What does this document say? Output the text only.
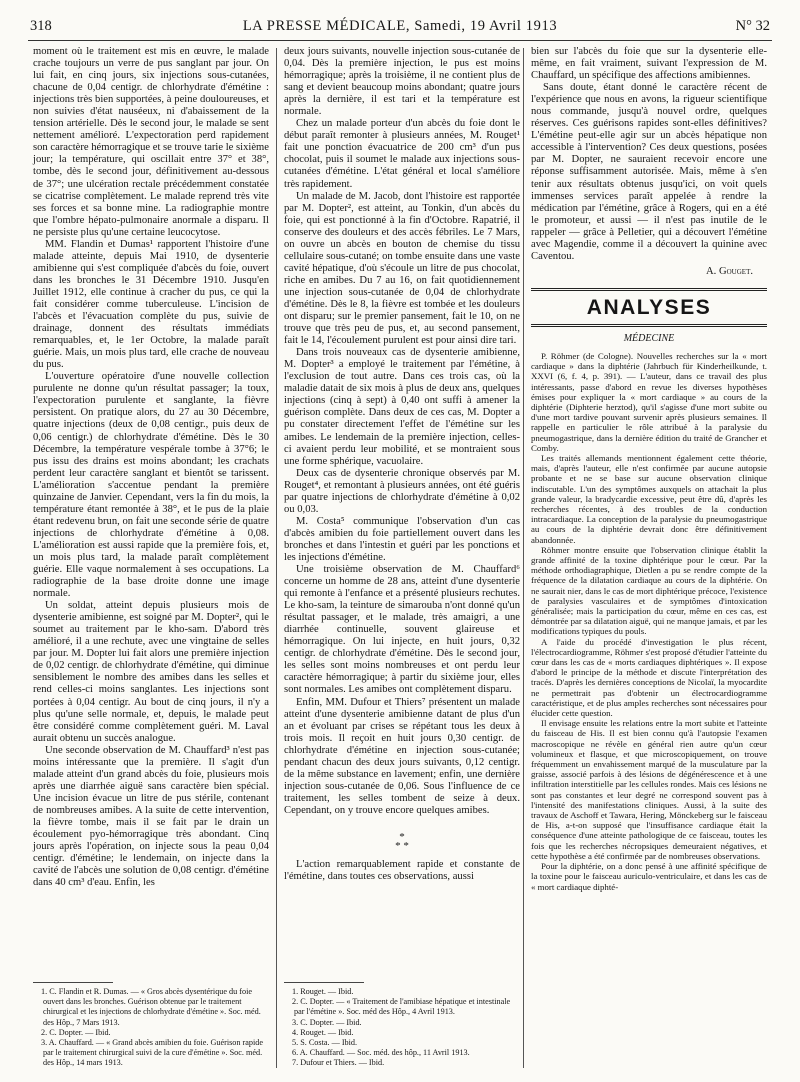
318	LA PRESSE MÉDICALE, Samedi, 19 Avril 1913	N° 32

moment où le traitement est mis en œuvre, le malade crache toujours un verre de pus sanglant par jour. On lui fait, en cinq jours, six injections sous-cutanées, chacune de 0,04 centigr. de chlorhydrate d'émétine : injections très bien supportées, à peine douloureuses, et non suivies d'état nauséeux, ni d'abaissement de la tension artérielle. Dès le second jour, le malade se sent nettement amélioré. L'expectoration perd rapidement son caractère hémorragique et se trouve tarie le sixième jour; la température, qui oscillait entre 37° et 38°, tombe, dès le second jour, définitivement au-dessous de 37°; une ulcération rectale précédemment constatée se cicatrise complètement. Le malade reprend très vite ses forces et sa bonne mine. La radiographie montre que l'ombre hépato-pulmonaire anormale a disparu. Il ne persiste plus qu'une certaine leucocytose.

MM. Flandin et Dumas¹ rapportent l'histoire d'une malade atteinte, depuis Mai 1910, de dysenterie amibienne qui s'est compliquée d'abcès du foie, ouvert dans les bronches le 31 Décembre 1910. Jusqu'en Juillet 1912, elle continue à cracher du pus, ce qui la fait considérer comme tuberculeuse. L'incision de l'abcès et l'évacuation complète du pus, suivie de drainage, donnent des résultats immédiats remarquables, et, le 1er Octobre, la malade paraît guérie. Mais, un mois plus tard, elle crache de nouveau du pus.

L'ouverture opératoire d'une nouvelle collection purulente ne donne qu'un résultat passager; la toux, l'expectoration purulente et sanglante, la fièvre persistent. On pratique alors, du 27 au 30 Décembre, quatre injections (deux de 0,08 centigr., puis deux de 0,06 centigr.) de chlorhydrate d'émétine. Dès le 30 Décembre, la température vespérale tombe à 37°6; le pus issu des drains est moins abondant; les crachats perdent leur caractère sanglant et bientôt se tarissent. L'amélioration s'accentue pendant la première quinzaine de Janvier. Cependant, vers la fin du mois, la température étant remontée à 38°, et le pus de la plaie étant redevenu brun, on fait une seconde série de quatre injections de chlorhydrate d'émétine à 0,08. L'amélioration est aussi rapide que la première fois, et, un mois plus tard, la malade paraît complètement guérie. Elle vaque normalement à ses occupations. La radiographie de la base droite donne une image normale.

Un soldat, atteint depuis plusieurs mois de dysenterie amibienne, est soigné par M. Dopter², qui le soumet au traitement par le kho-sam. D'abord très amélioré, il a une rechute, avec une vingtaine de selles par jour. M. Dopter lui fait alors une première injection de 0,02 centigr. de chlorhydrate d'émétine, qui diminue sensiblement le nombre des amibes dans les selles et rend celles-ci moins sanglantes. Les injections sont portées à 0,04 centigr. Au bout de cinq jours, il n'y a plus qu'une selle normale, et, depuis, le malade peut être considéré comme complètement guéri. M. Laval aurait obtenu un succès analogue.

Une seconde observation de M. Chauffard³ n'est pas moins intéressante que la première. Il s'agit d'un malade atteint d'un grand abcès du foie, plusieurs mois après une diarrhée aiguë sans caractère bien spécial. Une incision évacue un litre de pus stérile, contenant de nombreuses amibes. A la suite de cette intervention, la fièvre tombe, mais il se fait par le drain un écoulement pyo-hémorragique très abondant. Cinq jours après l'opération, on injecte sous la peau 0,04 centigr. d'émétine; le lendemain, on injecte dans la cavité de l'abcès une solution de 0,08 centigr. d'émétine dans 40 cm³ d'eau. Enfin, les

deux jours suivants, nouvelle injection sous-cutanée de 0,04. Dès la première injection, le pus est moins hémorragique; après la troisième, il ne contient plus de sang et devient beaucoup moins abondant; quatre jours après la dernière, il est tari et la température est normale.

Chez un malade porteur d'un abcès du foie dont le début paraît remonter à plusieurs années, M. Rouget¹ fait une ponction évacuatrice de 200 cm³ d'un pus chocolat, puis il soumet le malade aux injections sous-cutanées d'émétine. L'état général et local s'améliore très rapidement.

Un malade de M. Jacob, dont l'histoire est rapportée par M. Dopter², est atteint, au Tonkin, d'un abcès du foie, qui est ponctionné à la fin d'Octobre. Rapatrié, il conserve des douleurs et des accès fébriles. Le 7 Mars, on ouvre un abcès en bouton de chemise du tissu cellulaire sous-cutané; on tombe ensuite dans une vaste cavité hépatique, d'où s'écoule un litre de pus chocolat, riche en amibes. Du 7 au 16, on fait quotidiennement une injection sous-cutanée de 0,04 de chlorhydrate d'émétine. Dès le 8, la fièvre est tombée et les douleurs ont disparu; sur le premier pansement, fait le 10, on ne trouve que très peu de pus, et, au second pansement, fait le 14, l'écoulement purulent est pour ainsi dire tari.

Dans trois nouveaux cas de dysenterie amibienne, M. Dopter³ a employé le traitement par l'émétine, à l'exclusion de tout autre. Dans ces trois cas, où la maladie datait de six mois à plus de deux ans, quelques injections (cinq à sept) à 0,40 ont suffi à amener la guérison complète. Dans deux de ces cas, M. Dopter a pu constater directement l'effet de l'émétine sur les amibes. Le lendemain de la première injection, celles-ci avaient perdu leur mobilité, et se montraient sous une forme sphérique, vacuolaire.

Deux cas de dysenterie chronique observés par M. Rouget⁴, et remontant à plusieurs années, ont été guéris par quatre injections de chlorhydrate d'émétine à 0,02 ou 0,03.

M. Costa⁵ communique l'observation d'un cas d'abcès amibien du foie partiellement ouvert dans les bronches et dans l'intestin et guéri par les ponctions et les injections d'émétine.

Une troisième observation de M. Chauffard⁶ concerne un homme de 28 ans, atteint d'une dysenterie qui remonte à l'enfance et a présenté plusieurs rechutes. Le kho-sam, la teinture de simarouba n'ont donné qu'un résultat passager, et le malade, très amaigri, a une diarrhée continuelle, souvent glaireuse et hémorragique. On lui injecte, en huit jours, 0,32 centigr. de chlorhydrate d'émétine. Dès le second jour, les selles sont moins nombreuses et ont perdu leur caractère hémorragique; à partir du sixième jour, elles sont normales. Les amibes ont complètement disparu.

Enfin, MM. Dufour et Thiers⁷ présentent un malade atteint d'une dysenterie amibienne datant de plus d'un an et évoluant par crises se répétant tous les deux à trois mois. Il reçoit en huit jours 0,30 centigr. de chlorhydrate d'émétine en injection sous-cutanée; pendant chacun des deux jours suivants, 0,12 centigr. de la même substance en lavement; enfin, une dernière injection sous-cutanée de 0,06. Sous l'influence de ce traitement, les selles tombent de seize à deux. Cependant, on y trouve encore quelques amibes.

*
* *

L'action remarquablement rapide et constante de l'émétine, dans toutes ces observations, aussi

bien sur l'abcès du foie que sur la dysenterie elle-même, en fait vraiment, suivant l'expression de M. Chauffard, un spécifique des affections amibiennes.

Sans doute, étant donné le caractère récent de l'expérience que nous en avons, la rigueur scientifique nous commande, jusqu'à nouvel ordre, quelques réserves. Ces guérisons rapides sont-elles définitives? L'émétine peut-elle agir sur un abcès hépatique non accessible à l'intervention? Ces deux questions, posées par M. Dopter, ne sauraient recevoir encore une réponse suffisamment autorisée. Mais, même à s'en tenir aux résultats obtenus jusqu'ici, on voit quels immenses services paraît appelée à rendre la médication par l'émétine, grâce à Rogers, qui en a été le promoteur, et aussi — il n'est pas inutile de le rappeler — grâce à Pelletier, qui a découvert l'émétine avec Magendie, comme il a découvert la quinine avec Caventou.

A. Gouget.

ANALYSES
MÉDECINE

P. Röhmer (de Cologne). Nouvelles recherches sur la « mort cardiaque » dans la diphtérie (Jahrbuch für Kinderheilkunde, t. XXVI (6, f. 4, p. 391). — L'auteur, dans ce travail des plus intéressants, passe d'abord en revue les diverses hypothèses émises pour expliquer la « mort cardiaque » au cours de la diphtérie (Diphterie herztod), qu'il s'agisse d'une mort subite ou d'une mort tardive pouvant survenir après plusieurs semaines. Il rappelle en particulier le rôle attribué à la paralysie du pneumogastrique, dans la dernière édition du traité de Grancher et Comby.

Les traités allemands mentionnent également cette théorie, mais, d'après l'auteur, elle n'est confirmée par aucune autopsie probante et ne se base sur aucune observation clinique indiscutable. L'un des symptômes auxquels on attachait la plus grande valeur, la bradycardie excessive, peut être dû, d'après les recherches récentes, à des troubles de la conduction intracardiaque. La conception de la paralysie du pneumogastrique au cours de la diphtérie devrait donc être définitivement abandonnée.

Röhmer montre ensuite que l'observation clinique établit la grande affinité de la toxine diphtérique pour le cœur. Par la méthode orthodiagraphique, Dietlen a pu se rendre compte de la fréquence de la dilatation cardiaque au cours de la diphtérie. On ne saurait nier, dans le cas de mort diphtérique précoce, l'existence de paralysies vasculaires et de symptômes d'intoxication généralisée; mais la participation du cœur, même en ces cas, est démontrée par sa dilatation aiguë, qui ne manque jamais, et par les modifications typiques du pouls.

A l'aide du procédé d'investigation le plus récent, l'électrocardiogramme, Röhmer s'est proposé d'étudier l'atteinte du cœur dans les cas de « morts cardiaques diphtériques ». Il expose d'abord le principe de la méthode et discute l'interprétation des tracés. D'après les dernières conceptions de Nicolaï, la myocardite ne permettrait pas d'obtenir un électrocardiogramme caractéristique, et de plus amples recherches sont nécessaires pour élucider cette question.

Il envisage ensuite les relations entre la mort subite et l'atteinte du faisceau de His. Il est bien connu qu'à l'autopsie l'examen macroscopique ne révèle en général rien autre qu'un cœur volumineux et flasque, et que microscopiquement, on trouve fréquemment un envahissement marqué de la musculature par la graisse, associé parfois à des lésions de dégénérescence et à une infiltration interstitielle par les cellules rondes. Mais ces lésions ne sont pas constantes et leur degré ne correspond souvent pas à l'intensité des manifestations cliniques. Aussi, à la suite des travaux de Aschoff et Tawara, Hering, Mönckeberg sur le faisceau de His, a-t-on supposé que l'insuffisance cardiaque était la conséquence d'une atteinte pathologique de ce faisceau, toutes les fois que les recherches nécropsiques demeuraient négatives, et cette hypothèse a été confirmée par de nombreuses observations.

Pour la diphtérie, on a donc pensé à une affinité spécifique de la toxine pour le faisceau auriculo-ventriculaire, et dans les cas de « mort cardiaque diphté-

1. C. Flandin et R. Dumas. — « Gros abcès dysentérique du foie ouvert dans les bronches. Guérison obtenue par le traitement chirurgical et les injections de chlorhydrate d'émétine ». Soc. méd. des Hôp., 7 Mars 1913.

2. C. Dopter. — Ibid.

3. A. Chauffard. — « Grand abcès amibien du foie. Guérison rapide par le traitement chirurgical suivi de la cure d'émétine ». Soc. méd. des Hôp., 14 mars 1913.

1. Rouget. — Ibid.

2. C. Dopter. — « Traitement de l'amibiase hépatique et intestinale par l'émétine ». Soc. méd des Hôp., 4 Avril 1913.

3. C. Dopter. — Ibid.

4. Rouget. — Ibid.

5. S. Costa. — Ibid.

6. A. Chauffard. — Soc. méd. des hôp., 11 Avril 1913.

7. Dufour et Thiers. — Ibid.
